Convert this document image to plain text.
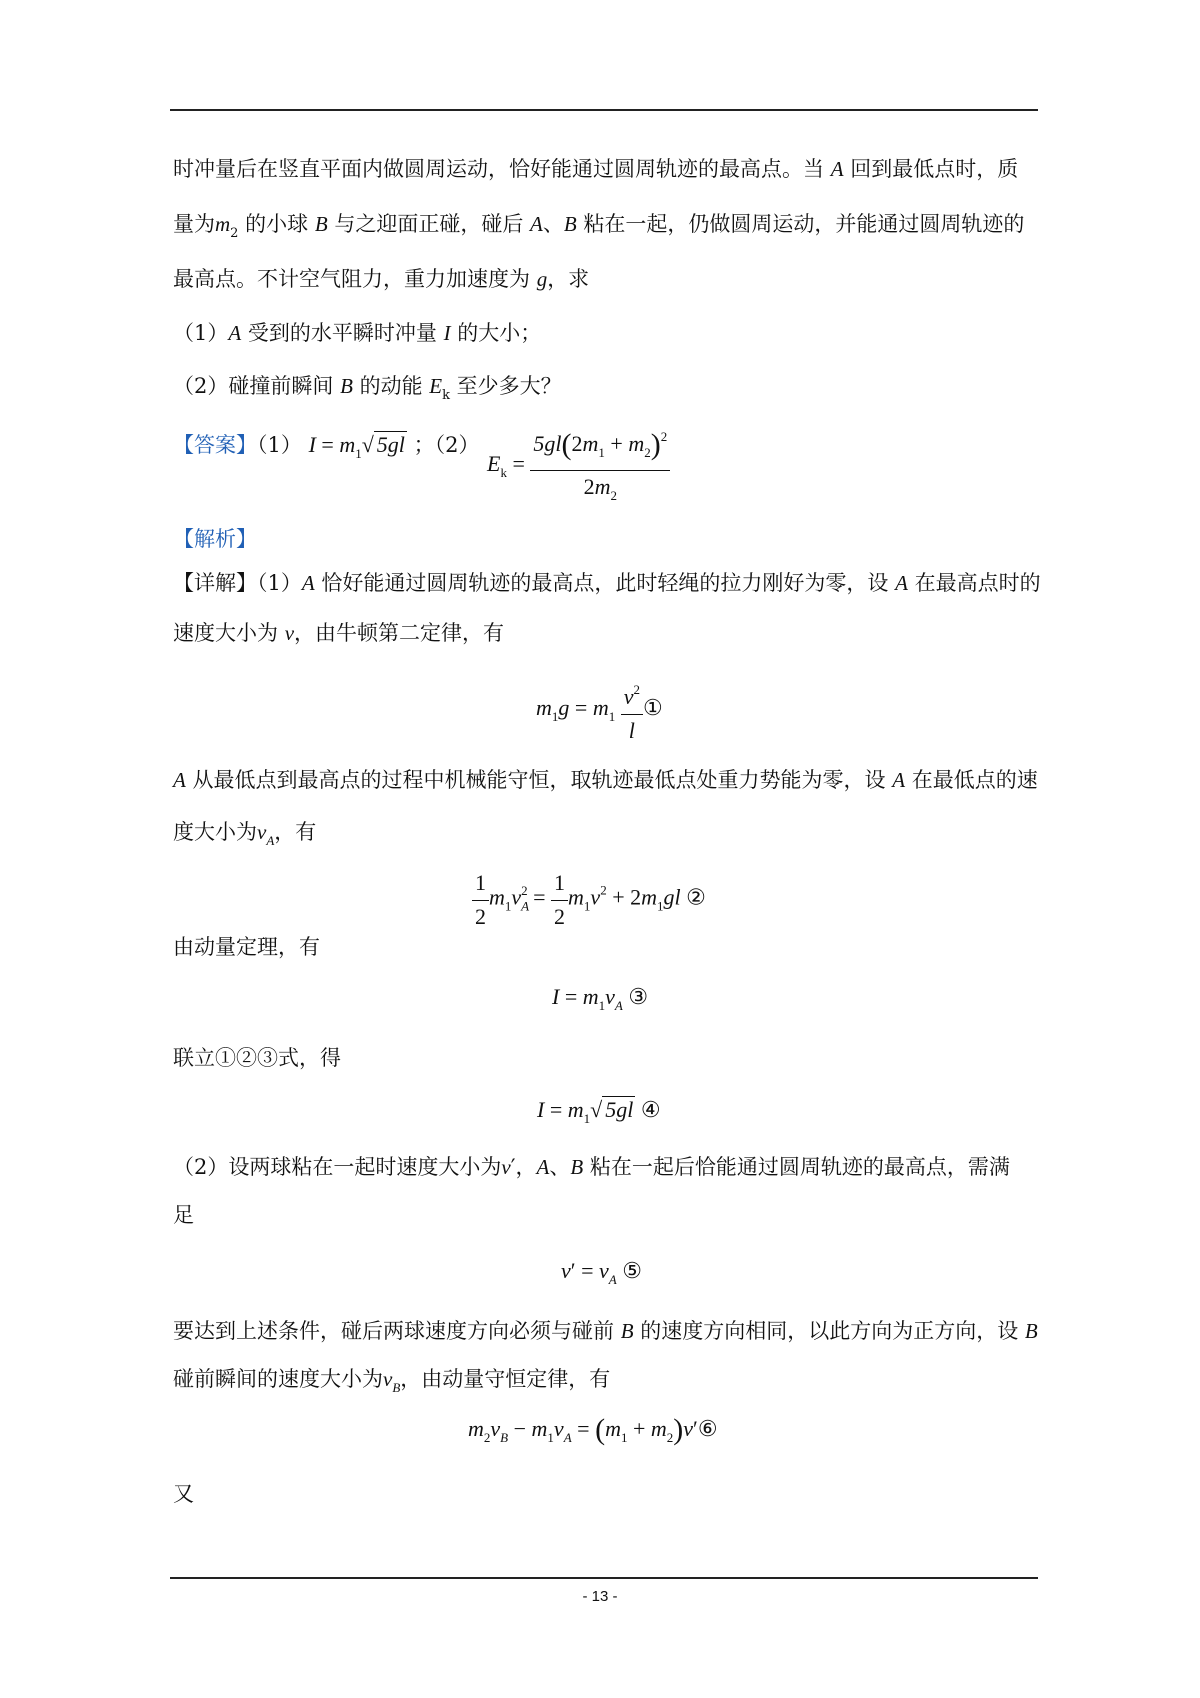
时冲量后在竖直平面内做圆周运动，恰好能通过圆周轨迹的最高点。当 A 回到最低点时，质
量为$m_2$ 的小球 B 与之迎面正碰，碰后 A、B 粘在一起，仍做圆周运动，并能通过圆周轨迹的
最高点。不计空气阻力，重力加速度为 g，求
（1）A 受到的水平瞬时冲量 I 的大小；
（2）碰撞前瞬间 B 的动能 $E_k$ 至少多大？
【答案】（1） $I = m_1√$ 5gl ；（2）
$E_k = \frac{5gl(2m_1 + m_2)^2}{2m_2}$
【解析】
【详解】（1）A 恰好能通过圆周轨迹的最高点，此时轻绳的拉力刚好为零，设 A 在最高点时的
速度大小为 v，由牛顿第二定律，有
$m_1g = m_1 \frac{v^2}{l}$ ①
A 从最低点到最高点的过程中机械能守恒，取轨迹最低点处重力势能为零，设 A 在最低点的速
度大小为$v_A$，有
$\frac{1}{2} m_1v_A^2 = \frac{1}{2} m_1v^2 + 2m_1gl$ ②
由动量定理，有
$I = m_1v_A$ ③
联立①②③式，得
$I = m_1√$ 5gl ④
（2）设两球粘在一起时速度大小为v′，A、B 粘在一起后恰能通过圆周轨迹的最高点，需满
足
$v' = v_A$ ⑤
要达到上述条件，碰后两球速度方向必须与碰前 B 的速度方向相同，以此方向为正方向，设 B
碰前瞬间的速度大小为$v_B$，由动量守恒定律，有
$m_2v_B - m_1v_A = (m_1$ + $m_2)v'⑥$
又
- 13 -
